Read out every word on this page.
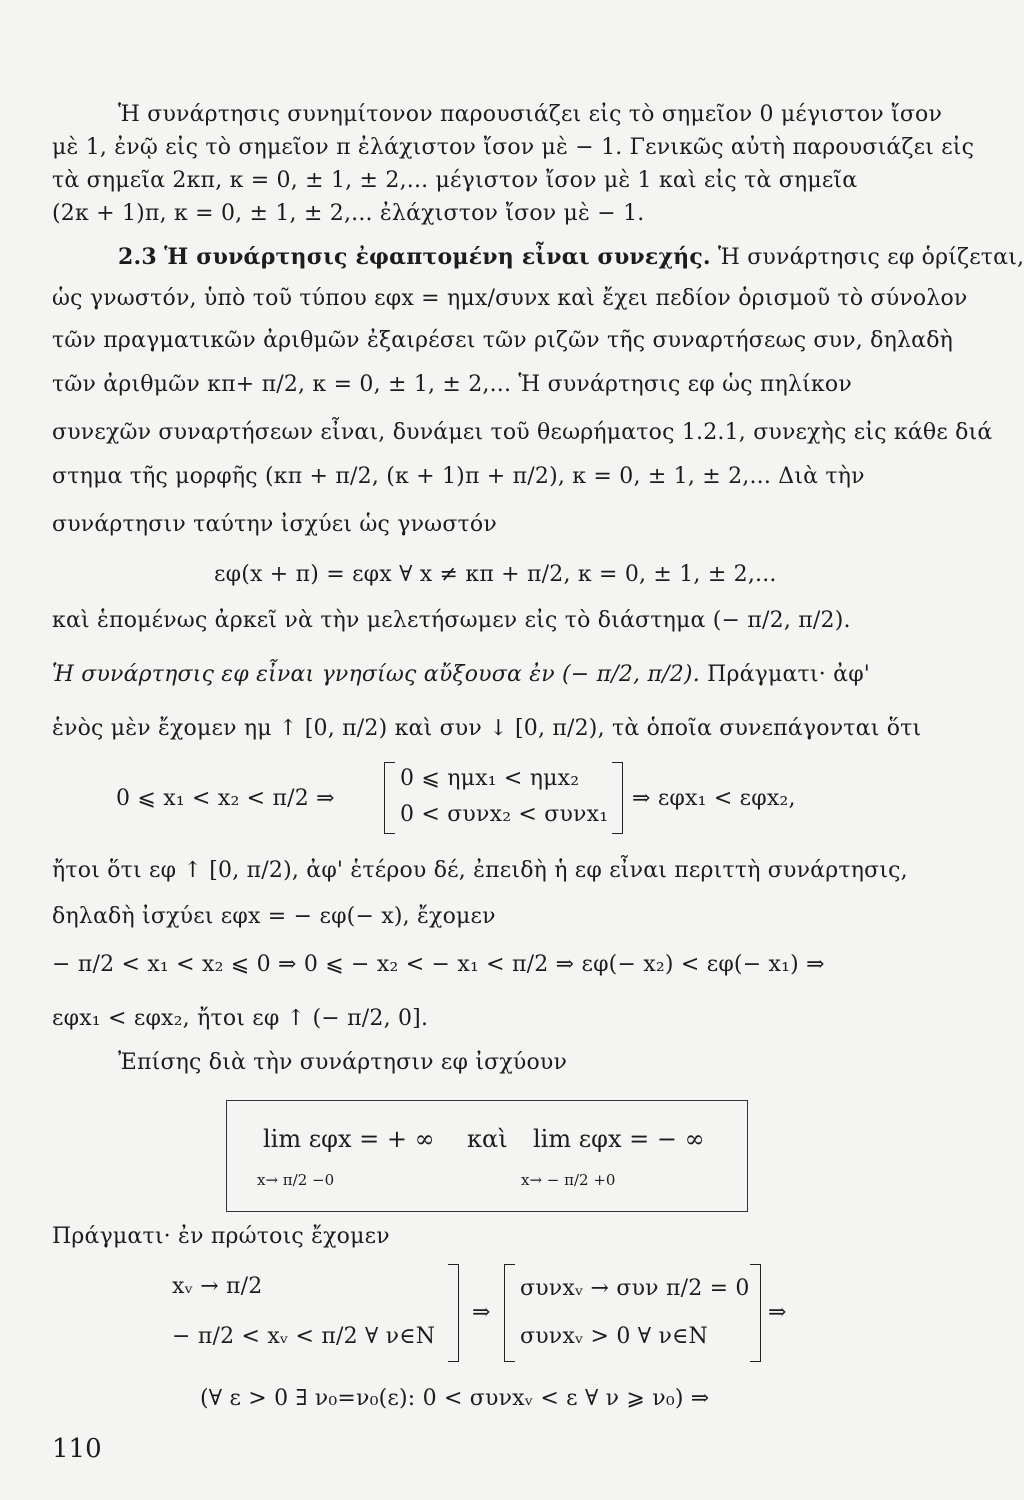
Ἡ συνάρτησις συνημίτονον παρουσιάζει εἰς τὸ σημεῖον 0 μέγιστον ἴσον
μὲ 1, ἐνῷ εἰς τὸ σημεῖον π ἐλάχιστον ἴσον μὲ − 1. Γενικῶς αὐτὴ παρουσιάζει εἰς
τὰ σημεῖα 2κπ, κ = 0, ± 1, ± 2,... μέγιστον ἴσον μὲ 1 καὶ εἰς τὰ σημεῖα
(2κ + 1)π, κ = 0, ± 1, ± 2,... ἐλάχιστον ἴσον μὲ − 1.
2.3 Ἡ συνάρτησις ἐφαπτομένη εἶναι συνεχής. Ἡ συνάρτησις εφ ὁρίζεται,
ὡς γνωστόν, ὑπὸ τοῦ τύπου εφx = ημx/συνx καὶ ἔχει πεδίον ὁρισμοῦ τὸ σύνολον
τῶν πραγματικῶν ἀριθμῶν ἐξαιρέσει τῶν ριζῶν τῆς συναρτήσεως συν, δηλαδὴ
τῶν ἀριθμῶν κπ+ π/2, κ = 0, ± 1, ± 2,... Ἡ συνάρτησις εφ ὡς πηλίκον
συνεχῶν συναρτήσεων εἶναι, δυνάμει τοῦ θεωρήματος 1.2.1, συνεχὴς εἰς κάθε διά
στημα τῆς μορφῆς (κπ + π/2, (κ + 1)π + π/2), κ = 0, ± 1, ± 2,... Διὰ τὴν
συνάρτησιν ταύτην ἰσχύει ὡς γνωστόν
εφ(x + π) = εφx ∀ x ≠ κπ + π/2, κ = 0, ± 1, ± 2,...
καὶ ἑπομένως ἀρκεῖ νὰ τὴν μελετήσωμεν εἰς τὸ διάστημα (− π/2, π/2).
Ἡ συνάρτησις εφ εἶναι γνησίως αὔξουσα ἐν (− π/2, π/2). Πράγματι· ἀφ'
ἑνὸς μὲν ἔχομεν ημ ↑ [0, π/2) καὶ συν ↓ [0, π/2), τὰ ὁποῖα συνεπάγονται ὅτι
0 ⩽ x₁ < x₂ < π/2 ⇒
0 ⩽ ημx₁ < ημx₂
0 < συνx₂ < συνx₁
⇒ εφx₁ < εφx₂,
ἤτοι ὅτι εφ ↑ [0, π/2), ἀφ' ἑτέρου δέ, ἐπειδὴ ἡ εφ εἶναι περιττὴ συνάρτησις,
δηλαδὴ ἰσχύει εφx = − εφ(− x), ἔχομεν
− π/2 < x₁ < x₂ ⩽ 0 ⇒ 0 ⩽ − x₂ < − x₁ < π/2 ⇒ εφ(− x₂) < εφ(− x₁) ⇒
εφx₁ < εφx₂, ἤτοι εφ ↑ (− π/2, 0].
Ἐπίσης διὰ τὴν συνάρτησιν εφ ἰσχύουν
lim εφx = + ∞
x→ π/2 −0
καὶ lim εφx = − ∞
x→ − π/2 +0
Πράγματι· ἐν πρώτοις ἔχομεν
xᵥ → π/2
− π/2 < xᵥ < π/2 ∀ ν∈N
⇒
συνxᵥ → συν π/2 = 0
συνxᵥ > 0 ∀ ν∈N
⇒
(∀ ε > 0 ∃ ν₀=ν₀(ε): 0 < συνxᵥ < ε ∀ ν ⩾ ν₀) ⇒
110
